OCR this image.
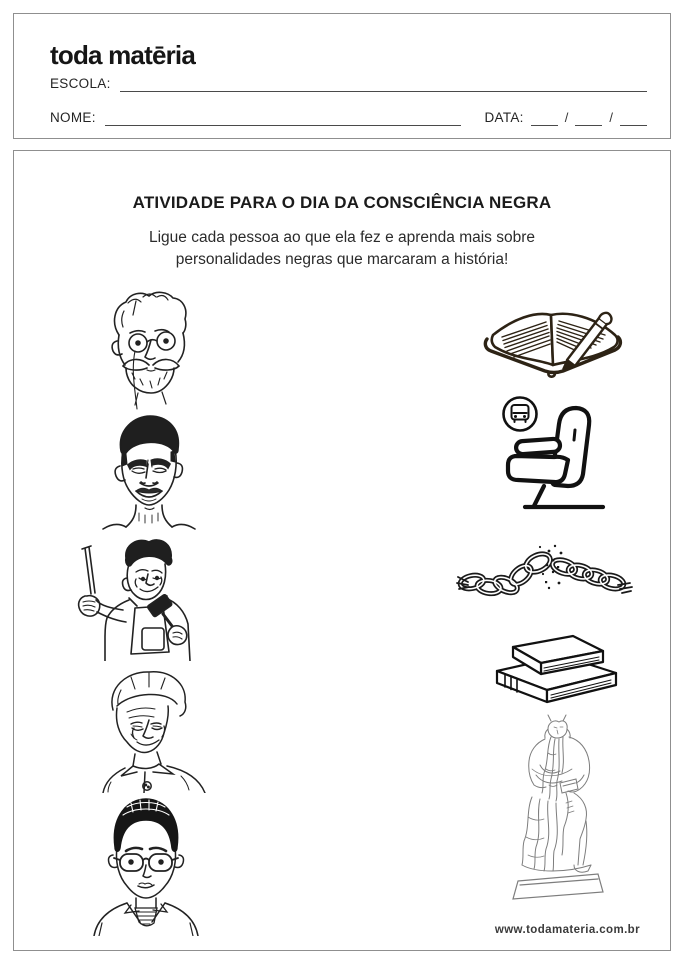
toda matēria
ESCOLA:
NOME:	DATA:	/	/
ATIVIDADE PARA O DIA DA CONSCIÊNCIA NEGRA
Ligue cada pessoa ao que ela fez e aprenda mais sobre
personalidades negras que marcaram a história!
www.todamateria.com.br
